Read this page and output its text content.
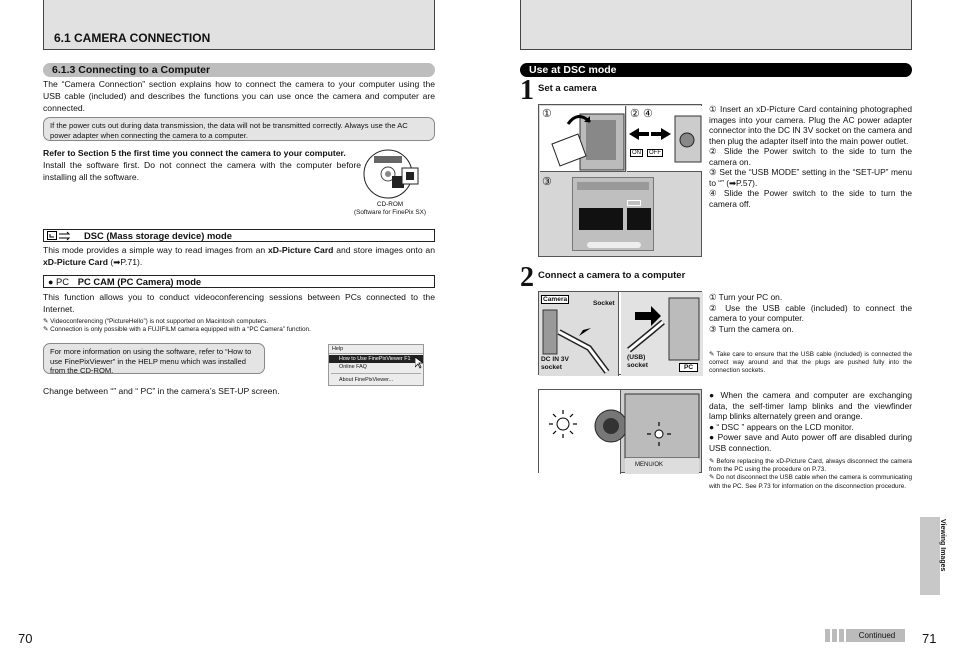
6.1 CAMERA CONNECTION
6.1.3 Connecting to a Computer
The “Camera Connection” section explains how to connect the camera to your computer using the USB cable (included) and describes the functions you can use once the camera and computer are connected.
If the power cuts out during data transmission, the data will not be transmitted correctly. Always use the AC power adapter when connecting the camera to a computer.
Refer to Section 5 the first time you connect the camera to your computer.
Install the software first. Do not connect the camera with the computer before installing all the software.
CD-ROM
(Software for FinePix SX)
DSC (Mass storage device) mode
This mode provides a simple way to read images from an xD-Picture Card and store images onto an xD-Picture Card (➡P.71).
● PC PC CAM (PC Camera) mode
This function allows you to conduct videoconferencing sessions between PCs connected to the Internet.
✎ Videoconferencing (“PictureHello”) is not supported on Macintosh computers.
✎ Connection is only possible with a FUJIFILM camera equipped with a “PC Camera” function.
For more information on using the software, refer to “How to use FinePixViewer” in the HELP menu which was installed from the CD-ROM.
Help
How to Use FinePixViewer F1
Online FAQ
About FinePixViewer...
Change between “” and “ PC” in the camera’s SET-UP screen.
70
Use at DSC mode
1 Set a camera
①	② ④
ON	OFF
③
① Insert an xD-Picture Card containing photographed images into your camera. Plug the AC power adapter connector into the DC IN 3V socket on the camera and then plug the adapter itself into the main power outlet.
② Slide the Power switch to the side to turn the camera on.
③ Set the “USB MODE” setting in the “SET-UP” menu to “” (➡P.57).
④ Slide the Power switch to the side to turn the camera off.
2 Connect a camera to a computer
Camera
Socket
DC IN 3V socket
(USB) socket	PC
① Turn your PC on.
② Use the USB cable (included) to connect the camera to your computer.
③ Turn the camera on.
✎ Take care to ensure that the USB cable (included) is connected the correct way around and that the plugs are pushed fully into the connection sockets.
MENU/OK
● When the camera and computer are exchanging data, the self-timer lamp blinks and the viewfinder lamp blinks alternately green and orange.
● “ DSC ” appears on the LCD monitor.
● Power save and Auto power off are disabled during USB connection.
✎ Before replacing the xD-Picture Card, always disconnect the camera from the PC using the procedure on P.73.
✎ Do not disconnect the USB cable when the camera is communicating with the PC. See P.73 for information on the disconnection procedure.
Viewing Images
Continued	71
